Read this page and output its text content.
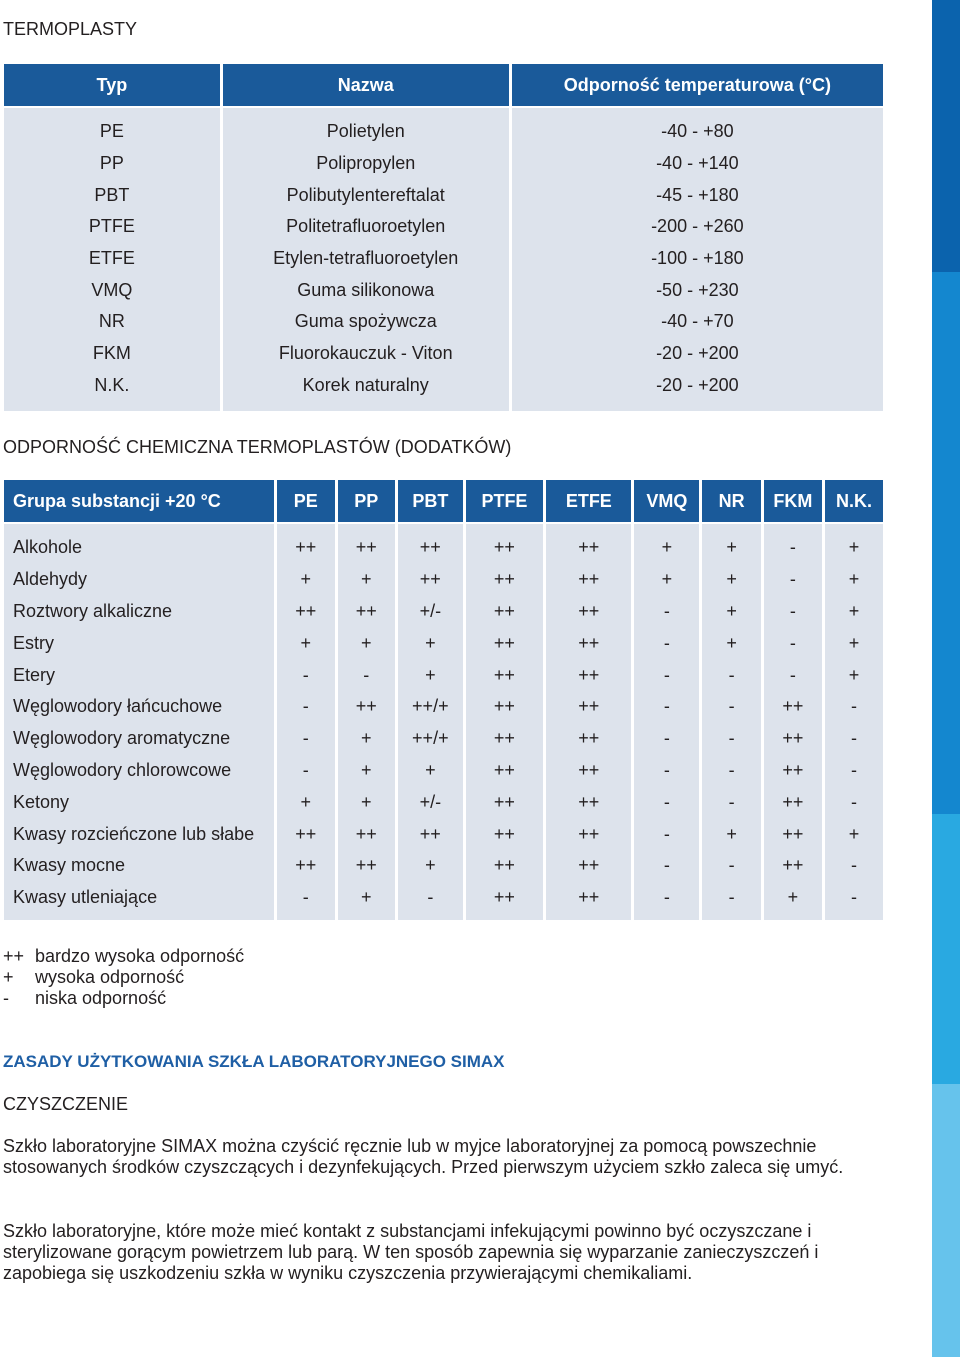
TERMOPLASTY
Typ	Nazwa	Odporność temperaturowa (°C)
PE	Polietylen	-40 - +80
PP	Polipropylen	-40 - +140
PBT	Polibutylentereftalat	-45 - +180
PTFE	Politetrafluoroetylen	-200 - +260
ETFE	Etylen-tetrafluoroetylen	-100 - +180
VMQ	Guma silikonowa	-50 - +230
NR	Guma spożywcza	-40 - +70
FKM	Fluorokauczuk - Viton	-20 - +200
N.K.	Korek naturalny	-20 - +200
ODPORNOŚĆ CHEMICZNA TERMOPLASTÓW (DODATKÓW)
Grupa substancji +20 °C	PE	PP	PBT	PTFE	ETFE	VMQ	NR	FKM	N.K.
Alkohole	++	++	++	++	++	+	+	-	+
Aldehydy	+	+	++	++	++	+	+	-	+
Roztwory alkaliczne	++	++	+/-	++	++	-	+	-	+
Estry	+	+	+	++	++	-	+	-	+
Etery	-	-	+	++	++	-	-	-	+
Węglowodory łańcuchowe	-	++	++/+	++	++	-	-	++	-
Węglowodory aromatyczne	-	+	++/+	++	++	-	-	++	-
Węglowodory chlorowcowe	-	+	+	++	++	-	-	++	-
Ketony	+	+	+/-	++	++	-	-	++	-
Kwasy rozcieńczone lub słabe	++	++	++	++	++	-	+	++	+
Kwasy mocne	++	++	+	++	++	-	-	++	-
Kwasy utleniające	-	+	-	++	++	-	-	+	-
++ bardzo wysoka odporność
+	wysoka odporność
-	niska odporność
ZASADY UŻYTKOWANIA SZKŁA LABORATORYJNEGO SIMAX
CZYSZCZENIE
Szkło laboratoryjne SIMAX można czyścić ręcznie lub w myjce laboratoryjnej za pomocą powszechnie stosowanych środków czyszczących i dezynfekujących. Przed pierwszym użyciem szkło zaleca się umyć.
Szkło laboratoryjne, które może mieć kontakt z substancjami infekującymi powinno być oczyszczane i sterylizowane gorącym powietrzem lub parą. W ten sposób zapewnia się wyparzanie zanieczyszczeń i zapobiega się uszkodzeniu szkła w wyniku czyszczenia przywierającymi chemikaliami.
